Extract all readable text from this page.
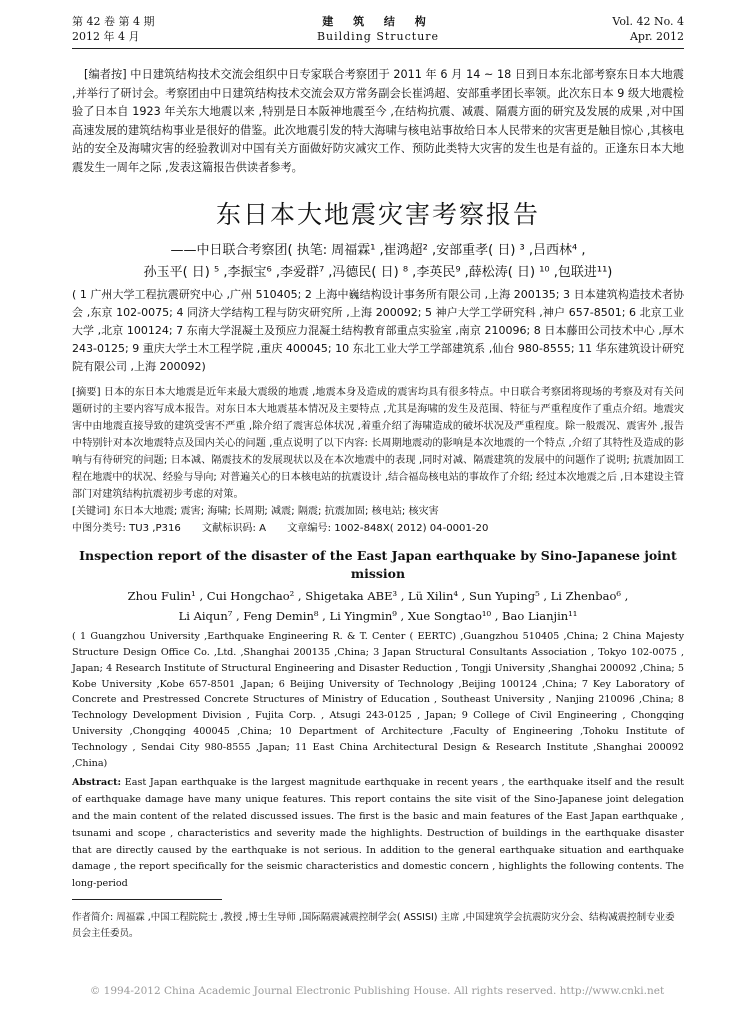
第 42 卷 第 4 期
2012 年 4 月
建 筑 结 构
Building Structure
Vol. 42 No. 4
Apr. 2012
[编者按] 中日建筑结构技术交流会组织中日专家联合考察团于 2011 年 6 月 14 ~ 18 日到日本东北部考察东日本大地震 ,并举行了研讨会。考察团由中日建筑结构技术交流会双方常务副会长崔鸿超、安部重孝团长率领。此次东日本 9 级大地震检验了日本自 1923 年关东大地震以来 ,特别是日本阪神地震至今 ,在结构抗震、减震、隔震方面的研究及发展的成果 ,对中国高速发展的建筑结构事业是很好的借鉴。此次地震引发的特大海啸与核电站事故给日本人民带来的灾害更是触目惊心 ,其核电站的安全及海啸灾害的经验教训对中国有关方面做好防灾减灾工作、预防此类特大灾害的发生也是有益的。正逢东日本大地震发生一周年之际 ,发表这篇报告供读者参考。
东日本大地震灾害考察报告
——中日联合考察团( 执笔: 周福霖¹ ,崔鸿超² ,安部重孝( 日) ³ ,吕西林⁴ ,
孙玉平( 日) ⁵ ,李振宝⁶ ,李爱群⁷ ,冯德民( 日) ⁸ ,李英民⁹ ,薛松涛( 日) ¹⁰ ,包联进¹¹)
( 1 广州大学工程抗震研究中心 ,广州 510405; 2 上海中巍结构设计事务所有限公司 ,上海 200135; 3 日本建筑构造技术者协会 ,东京 102-0075; 4 同济大学结构工程与防灾研究所 ,上海 200092; 5 神户大学工学研究科 ,神户 657-8501; 6 北京工业大学 ,北京 100124; 7 东南大学混凝土及预应力混凝土结构教育部重点实验室 ,南京 210096; 8 日本藤田公司技术中心 ,厚木 243-0125; 9 重庆大学土木工程学院 ,重庆 400045; 10 东北工业大学工学部建筑系 ,仙台 980-8555; 11 华东建筑设计研究院有限公司 ,上海 200092)
[摘要] 日本的东日本大地震是近年来最大震级的地震 ,地震本身及造成的震害均具有很多特点。中日联合考察团将现场的考察及对有关问题研讨的主要内容写成本报告。对东日本大地震基本情况及主要特点 ,尤其是海啸的发生及范围、特征与严重程度作了重点介绍。地震灾害中由地震直接导致的建筑受害不严重 ,除介绍了震害总体状况 ,着重介绍了海啸造成的破坏状况及严重程度。除一般震况、震害外 ,报告中特别针对本次地震特点及国内关心的问题 ,重点说明了以下内容: 长周期地震动的影响是本次地震的一个特点 ,介绍了其特性及造成的影响与有待研究的问题; 日本减、隔震技术的发展现状以及在本次地震中的表现 ,同时对减、隔震建筑的发展中的问题作了说明; 抗震加固工程在地震中的状况、经验与导向; 对普遍关心的日本核电站的抗震设计 ,结合福岛核电站的事故作了介绍; 经过本次地震之后 ,日本建设主管部门对建筑结构抗震初步考虑的对策。
[关键词] 东日本大地震; 震害; 海啸; 长周期; 减震; 隔震; 抗震加固; 核电站; 核灾害
中图分类号: TU3 ,P316 文献标识码: A 文章编号: 1002-848X( 2012) 04-0001-20
Inspection report of the disaster of the East Japan earthquake by Sino-Japanese joint mission
Zhou Fulin¹ , Cui Hongchao² , Shigetaka ABE³ , Lü Xilin⁴ , Sun Yuping⁵ , Li Zhenbao⁶ ,
Li Aiqun⁷ , Feng Demin⁸ , Li Yingmin⁹ , Xue Songtao¹⁰ , Bao Lianjin¹¹
( 1 Guangzhou University ,Earthquake Engineering R. & T. Center ( EERTC) ,Guangzhou 510405 ,China; 2 China Majesty Structure Design Office Co. ,Ltd. ,Shanghai 200135 ,China; 3 Japan Structural Consultants Association , Tokyo 102-0075 , Japan; 4 Research Institute of Structural Engineering and Disaster Reduction , Tongji University ,Shanghai 200092 ,China; 5 Kobe University ,Kobe 657-8501 ,Japan; 6 Beijing University of Technology ,Beijing 100124 ,China; 7 Key Laboratory of Concrete and Prestressed Concrete Structures of Ministry of Education , Southeast University , Nanjing 210096 ,China; 8 Technology Development Division , Fujita Corp. , Atsugi 243-0125 , Japan; 9 College of Civil Engineering , Chongqing University ,Chongqing 400045 ,China; 10 Department of Architecture ,Faculty of Engineering ,Tohoku Institute of Technology , Sendai City 980-8555 ,Japan; 11 East China Architectural Design & Research Institute ,Shanghai 200092 ,China)
Abstract: East Japan earthquake is the largest magnitude earthquake in recent years , the earthquake itself and the result of earthquake damage have many unique features. This report contains the site visit of the Sino-Japanese joint delegation and the main content of the related discussed issues. The first is the basic and main features of the East Japan earthquake , tsunami and scope , characteristics and severity made the highlights. Destruction of buildings in the earthquake disaster that are directly caused by the earthquake is not serious. In addition to the general earthquake situation and earthquake damage , the report specifically for the seismic characteristics and domestic concern , highlights the following contents. The long-period
作者简介: 周福霖 ,中国工程院院士 ,教授 ,博士生导师 ,国际隔震减震控制学会( ASSISI) 主席 ,中国建筑学会抗震防灾分会、结构减震控制专业委员会主任委员。
© 1994-2012 China Academic Journal Electronic Publishing House. All rights reserved. http://www.cnki.net
